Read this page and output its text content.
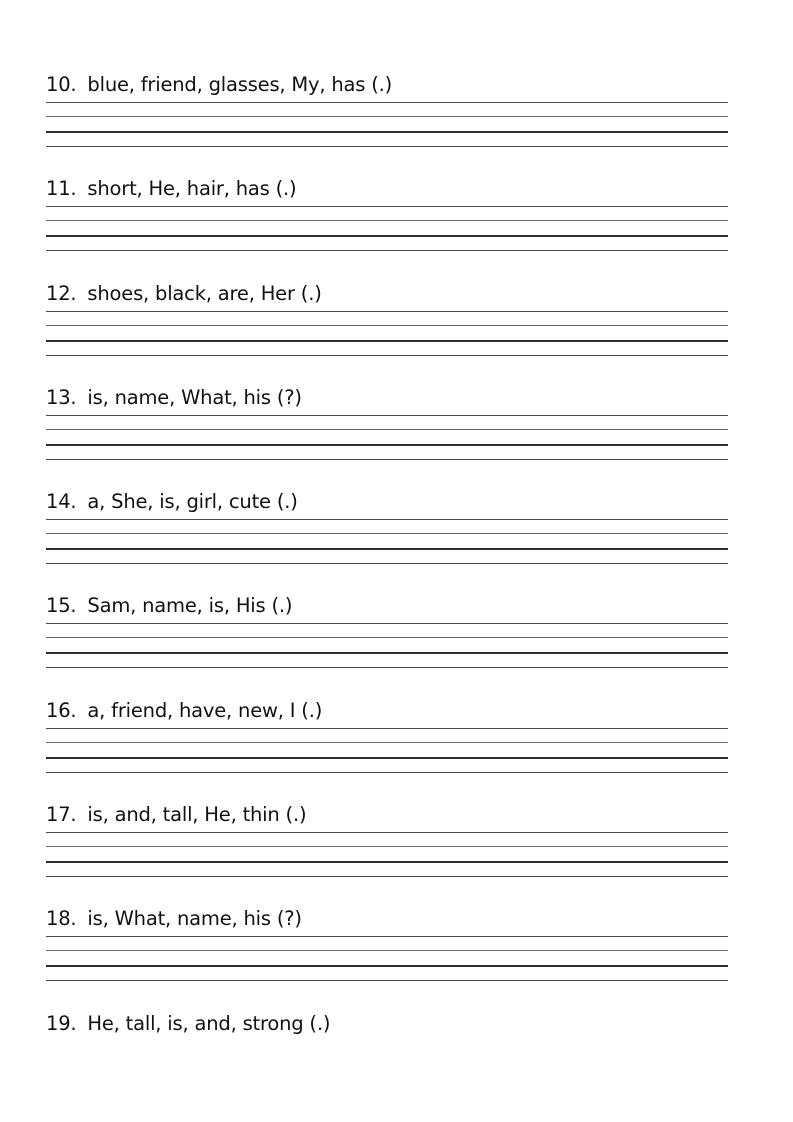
10. blue, friend, glasses, My, has (.)
11. short, He, hair, has (.)
12. shoes, black, are, Her (.)
13. is, name, What, his (?)
14. a, She, is, girl, cute (.)
15. Sam, name, is, His (.)
16. a, friend, have, new, I (.)
17. is, and, tall, He, thin (.)
18. is, What, name, his (?)
19. He, tall, is, and, strong (.)
